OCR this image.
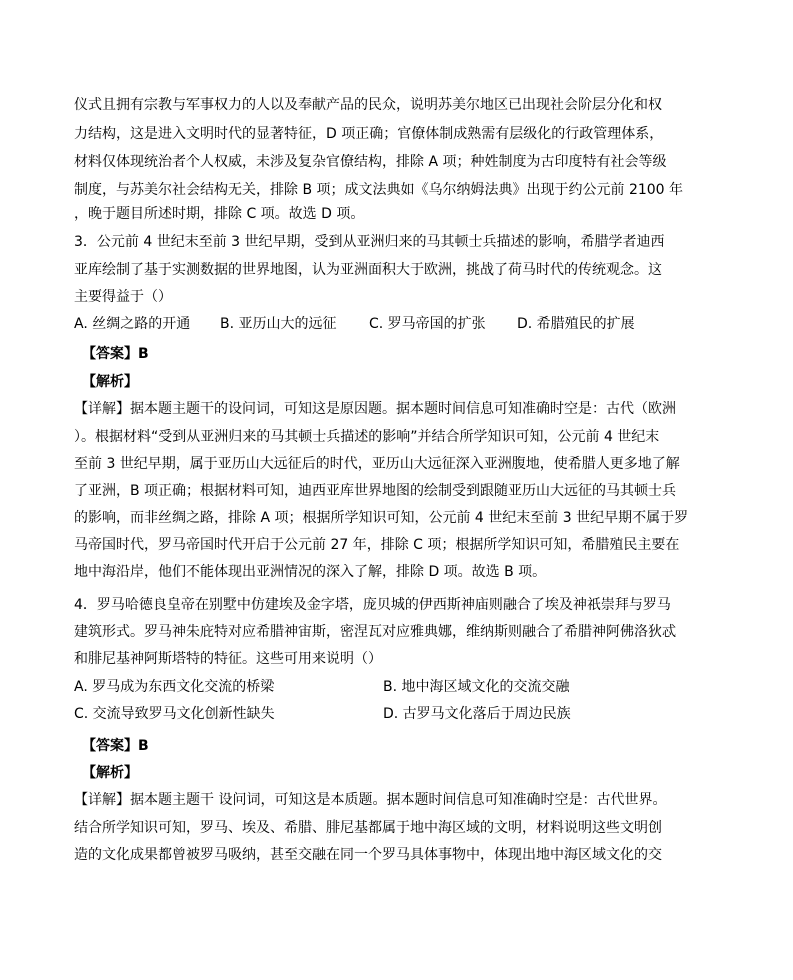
仪式且拥有宗教与军事权力的人以及奉献产品的民众，说明苏美尔地区已出现社会阶层分化和权
力结构，这是进入文明时代的显著特征，D 项正确；官僚体制成熟需有层级化的行政管理体系，
材料仅体现统治者个人权威，未涉及复杂官僚结构，排除 A 项；种姓制度为古印度特有社会等级
制度，与苏美尔社会结构无关，排除 B 项；成文法典如《乌尔纳姆法典》出现于约公元前 2100 年
，晚于题目所述时期，排除 C 项。故选 D 项。
3．公元前 4 世纪末至前 3 世纪早期，受到从亚洲归来的马其顿士兵描述的影响，希腊学者迪西
亚库绘制了基于实测数据的世界地图，认为亚洲面积大于欧洲，挑战了荷马时代的传统观念。这
主要得益于（）
A. 丝绸之路的开通 B. 亚历山大的远征 C. 罗马帝国的扩张 D. 希腊殖民的扩展
【答案】B
【解析】
【详解】据本题主题干的设问词，可知这是原因题。据本题时间信息可知准确时空是：古代（欧洲
）。根据材料“受到从亚洲归来的马其顿士兵描述的影响”并结合所学知识可知，公元前 4 世纪末
至前 3 世纪早期，属于亚历山大远征后的时代，亚历山大远征深入亚洲腹地，使希腊人更多地了解
了亚洲，B 项正确；根据材料可知，迪西亚库世界地图的绘制受到跟随亚历山大远征的马其顿士兵
的影响，而非丝绸之路，排除 A 项；根据所学知识可知，公元前 4 世纪末至前 3 世纪早期不属于罗
马帝国时代，罗马帝国时代开启于公元前 27 年，排除 C 项；根据所学知识可知，希腊殖民主要在
地中海沿岸，他们不能体现出亚洲情况的深入了解，排除 D 项。故选 B 项。
4．罗马哈德良皇帝在别墅中仿建埃及金字塔，庞贝城的伊西斯神庙则融合了埃及神祇崇拜与罗马
建筑形式。罗马神朱庇特对应希腊神宙斯，密涅瓦对应雅典娜，维纳斯则融合了希腊神阿佛洛狄忒
和腓尼基神阿斯塔特的特征。这些可用来说明（）
A. 罗马成为东西文化交流的桥梁	B. 地中海区域文化的交流交融
C. 交流导致罗马文化创新性缺失	D. 古罗马文化落后于周边民族
【答案】B
【解析】
【详解】据本题主题干 设问词，可知这是本质题。据本题时间信息可知准确时空是：古代世界。
结合所学知识可知，罗马、埃及、希腊、腓尼基都属于地中海区域的文明，材料说明这些文明创
造的文化成果都曾被罗马吸纳，甚至交融在同一个罗马具体事物中，体现出地中海区域文化的交
